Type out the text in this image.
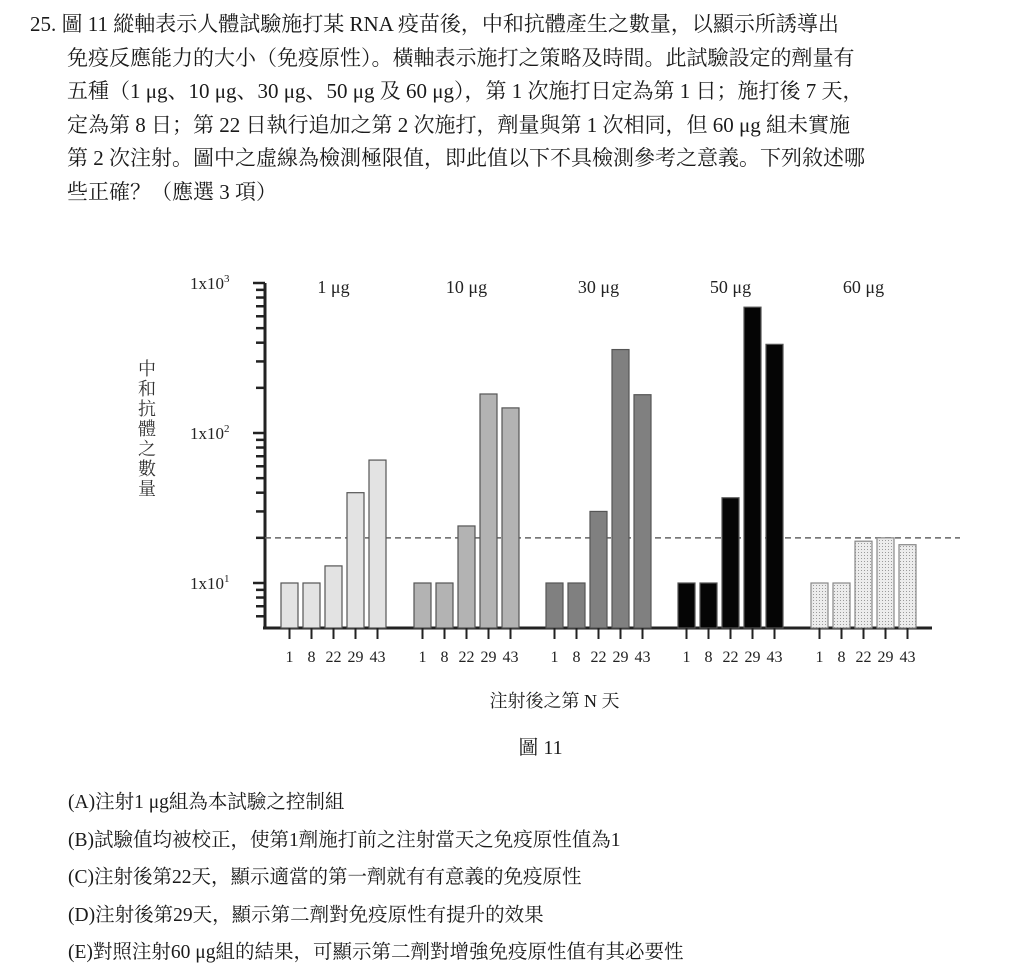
25. 圖 11 縱軸表示人體試驗施打某 RNA 疫苗後，中和抗體產生之數量，以顯示所誘導出
免疫反應能力的大小（免疫原性）。橫軸表示施打之策略及時間。此試驗設定的劑量有
五種（1 μg、10 μg、30 μg、50 μg 及 60 μg），第 1 次施打日定為第 1 日；施打後 7 天，
定為第 8 日；第 22 日執行追加之第 2 次施打，劑量與第 1 次相同，但 60 μg 組未實施
第 2 次注射。圖中之虛線為檢測極限值，即此值以下不具檢測參考之意義。下列敘述哪
些正確？（應選 3 項）
$1x10^1$
$1x10^2$
$1x10^3$
1 8 22 29 43
1 μg
1 8 22 29 43
10 μg
1 8 22 29 43
30 μg
1 8 22 29 43
50 μg
1 8 22 29 43
60 μg
中和抗體之數量
注射後之第 N 天
圖 11
(A)注射1 μg組為本試驗之控制組
(B)試驗值均被校正，使第1劑施打前之注射當天之免疫原性值為1
(C)注射後第22天，顯示適當的第一劑就有有意義的免疫原性
(D)注射後第29天，顯示第二劑對免疫原性有提升的效果
(E)對照注射60 μg組的結果，可顯示第二劑對增強免疫原性值有其必要性
